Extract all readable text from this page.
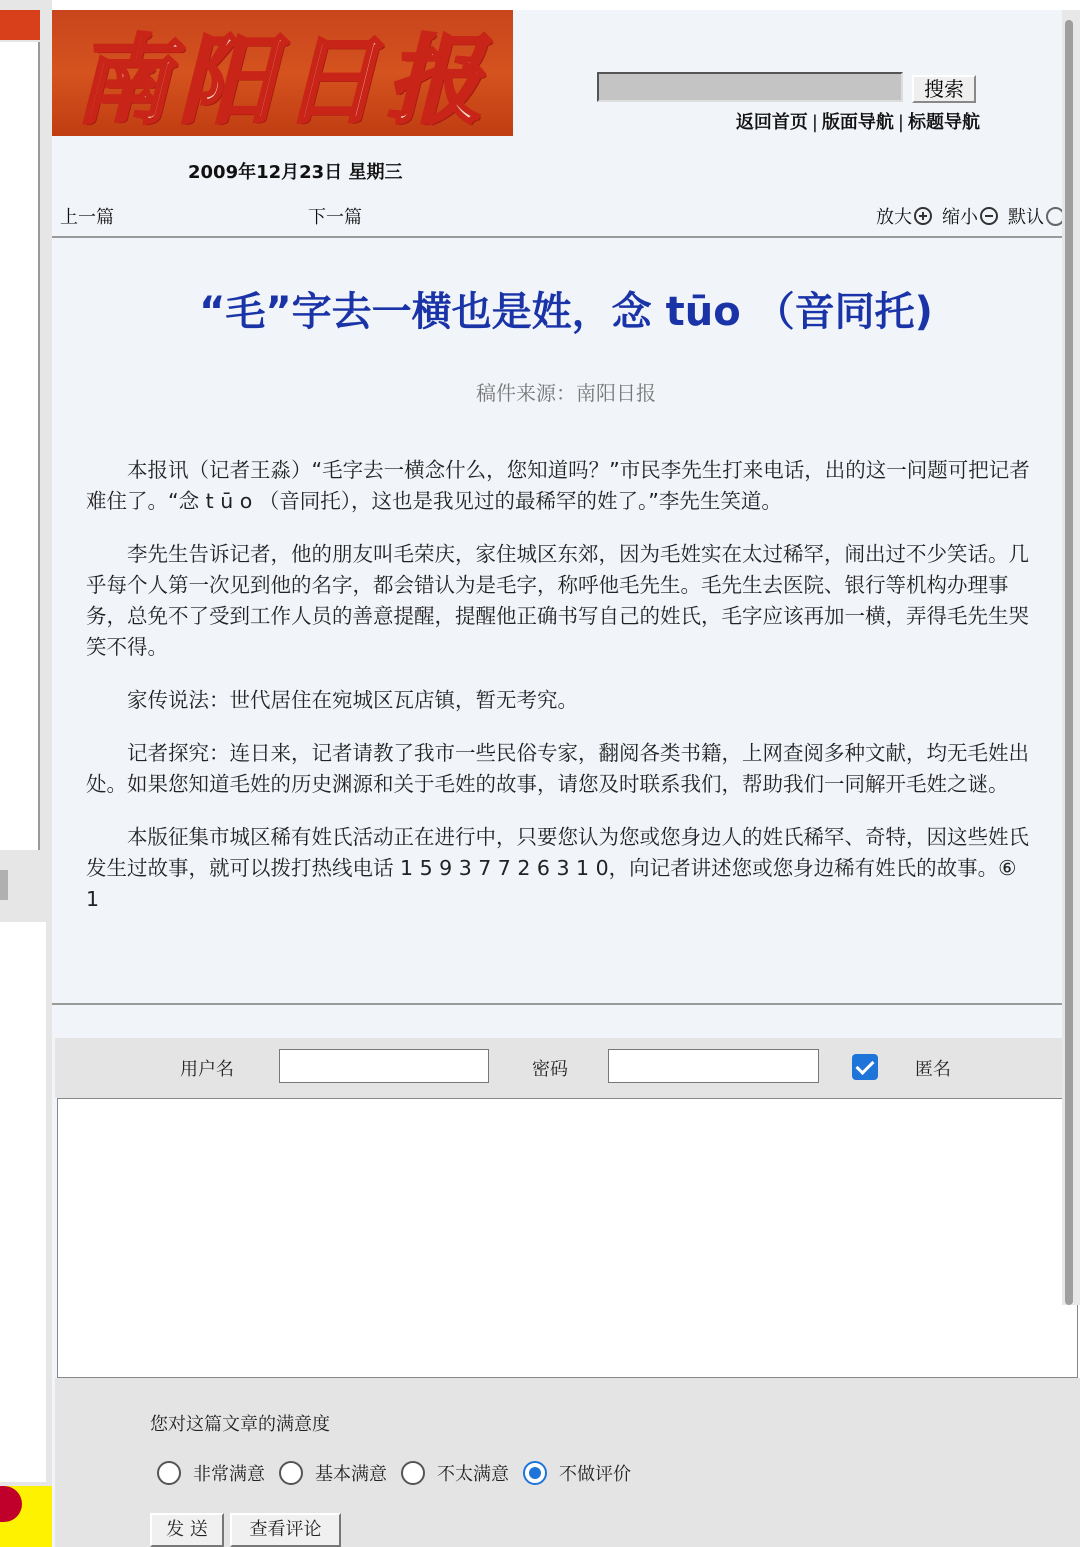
南阳日报	搜索
返回首页 | 版面导航 | 标题导航
2009年12月23日 星期三
上一篇	下一篇	放大 缩小 默认
“毛”字去一横也是姓，念 tūo （音同托)
稿件来源：南阳日报

本报讯（记者王淼）“毛字去一横念什么，您知道吗？”市民李先生打来电话，出的这一问题可把记者难住了。“念 t ū o （音同托），这也是我见过的最稀罕的姓了。”李先生笑道。

李先生告诉记者，他的朋友叫毛荣庆，家住城区东郊，因为毛姓实在太过稀罕，闹出过不少笑话。几乎每个人第一次见到他的名字，都会错认为是毛字，称呼他毛先生。毛先生去医院、银行等机构办理事务，总免不了受到工作人员的善意提醒，提醒他正确书写自己的姓氏，毛字应该再加一横，弄得毛先生哭笑不得。

家传说法：世代居住在宛城区瓦店镇，暂无考究。

记者探究：连日来，记者请教了我市一些民俗专家，翻阅各类书籍，上网查阅多种文献，均无毛姓出处。如果您知道毛姓的历史渊源和关于毛姓的故事，请您及时联系我们，帮助我们一同解开毛姓之谜。

本版征集市城区稀有姓氏活动正在进行中，只要您认为您或您身边人的姓氏稀罕、奇特，因这些姓氏发生过故事，就可以拨打热线电话 1 5 9 3 7 7 2 6 3 1 0，向记者讲述您或您身边稀有姓氏的故事。⑥ 1

用户名	密码	匿名
您对这篇文章的满意度
非常满意	基本满意	不太满意	不做评价
发 送	查看评论
